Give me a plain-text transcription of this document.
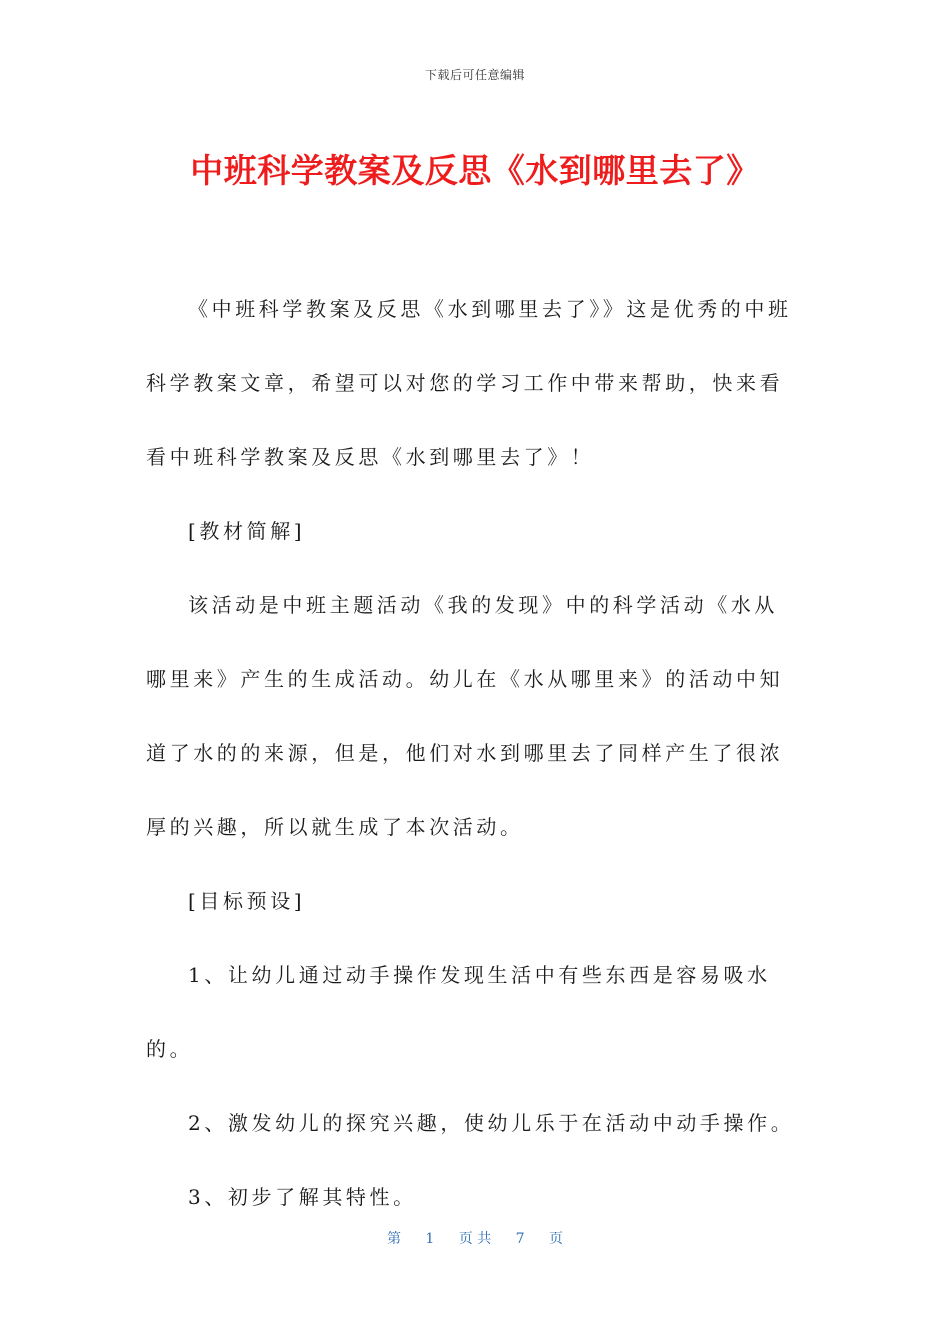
下载后可任意编辑
中班科学教案及反思《水到哪里去了》

《中班科学教案及反思《水到哪里去了》》这是优秀的中班科学教案文章，希望可以对您的学习工作中带来帮助，快来看看中班科学教案及反思《水到哪里去了》！

[教材简解]

该活动是中班主题活动《我的发现》中的科学活动《水从哪里来》产生的生成活动。幼儿在《水从哪里来》的活动中知道了水的的来源，但是，他们对水到哪里去了同样产生了很浓厚的兴趣，所以就生成了本次活动。

[目标预设]

1、让幼儿通过动手操作发现生活中有些东西是容易吸水的。

2、激发幼儿的探究兴趣，使幼儿乐于在活动中动手操作。

3、初步了解其特性。

第 1 页 共 7 页
